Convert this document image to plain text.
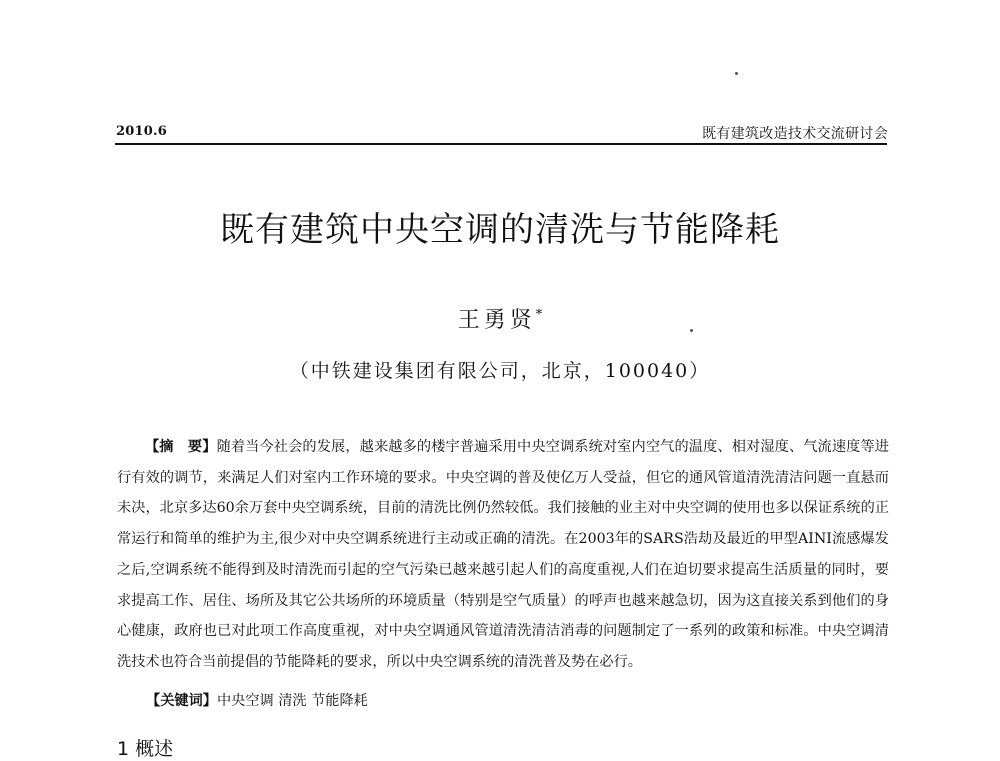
2010.6	既有建筑改造技术交流研讨会
既有建筑中央空调的清洗与节能降耗
王勇贤*
（中铁建设集团有限公司，北京，100040）

【摘　要】随着当今社会的发展，越来越多的楼宇普遍采用中央空调系统对室内空气的温度、相对湿度、气流速度等进行有效的调节，来满足人们对室内工作环境的要求。中央空调的普及使亿万人受益，但它的通风管道清洗清洁问题一直悬而未决，北京多达60余万套中央空调系统，目前的清洗比例仍然较低。我们接触的业主对中央空调的使用也多以保证系统的正常运行和简单的维护为主,很少对中央空调系统进行主动或正确的清洗。在2003年的SARS浩劫及最近的甲型AINI流感爆发之后,空调系统不能得到及时清洗而引起的空气污染已越来越引起人们的高度重视,人们在迫切要求提高生活质量的同时，要求提高工作、居住、场所及其它公共场所的环境质量（特别是空气质量）的呼声也越来越急切，因为这直接关系到他们的身心健康，政府也已对此项工作高度重视，对中央空调通风管道清洗清洁消毒的问题制定了一系列的政策和标准。中央空调清洗技术也符合当前提倡的节能降耗的要求，所以中央空调系统的清洗普及势在必行。

【关键词】中央空调 清洗 节能降耗
1 概述
